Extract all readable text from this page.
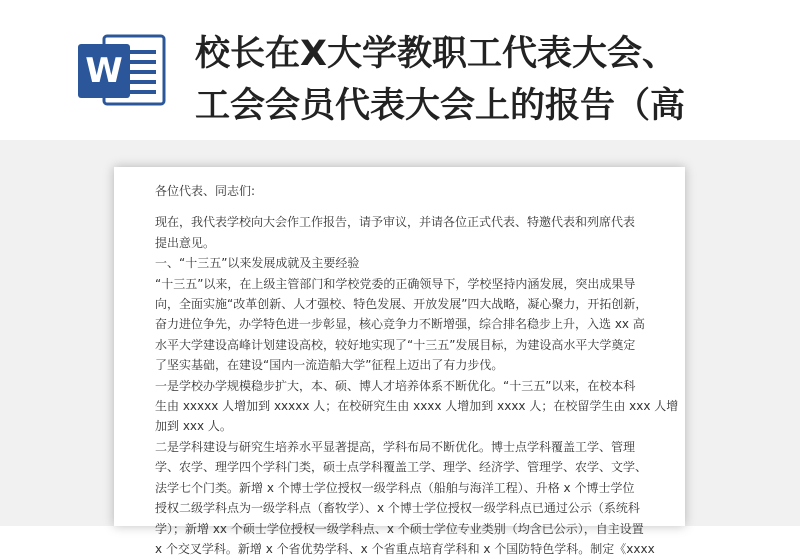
W 校长在X大学教职工代表大会、
工会会员代表大会上的报告（高

各位代表、同志们:

现在，我代表学校向大会作工作报告，请予审议，并请各位正式代表、特邀代表和列席代表
提出意见。
一、“十三五”以来发展成就及主要经验
“十三五”以来，在上级主管部门和学校党委的正确领导下，学校坚持内涵发展，突出成果导
向，全面实施“改革创新、人才强校、特色发展、开放发展”四大战略，凝心聚力，开拓创新，
奋力进位争先，办学特色进一步彰显，核心竞争力不断增强，综合排名稳步上升，入选 xx 高
水平大学建设高峰计划建设高校，较好地实现了“十三五”发展目标，为建设高水平大学奠定
了坚实基础，在建设“国内一流造船大学”征程上迈出了有力步伐。
一是学校办学规模稳步扩大，本、硕、博人才培养体系不断优化。“十三五”以来，在校本科
生由 xxxxx 人增加到 xxxxx 人；在校研究生由 xxxx 人增加到 xxxx 人；在校留学生由 xxx 人增
加到 xxx 人。
二是学科建设与研究生培养水平显著提高，学科布局不断优化。博士点学科覆盖工学、管理
学、农学、理学四个学科门类，硕士点学科覆盖工学、理学、经济学、管理学、农学、文学、
法学七个门类。新增 x 个博士学位授权一级学科点（船舶与海洋工程）、升格 x 个博士学位
授权二级学科点为一级学科点（畜牧学）、x 个博士学位授权一级学科点已通过公示（系统科
学）；新增 xx 个硕士学位授权一级学科点、x 个硕士学位专业类别（均含已公示），自主设置
x 个交叉学科。新增 x 个省优势学科、x 个省重点培育学科和 x 个国防特色学科。制定《xxxx
